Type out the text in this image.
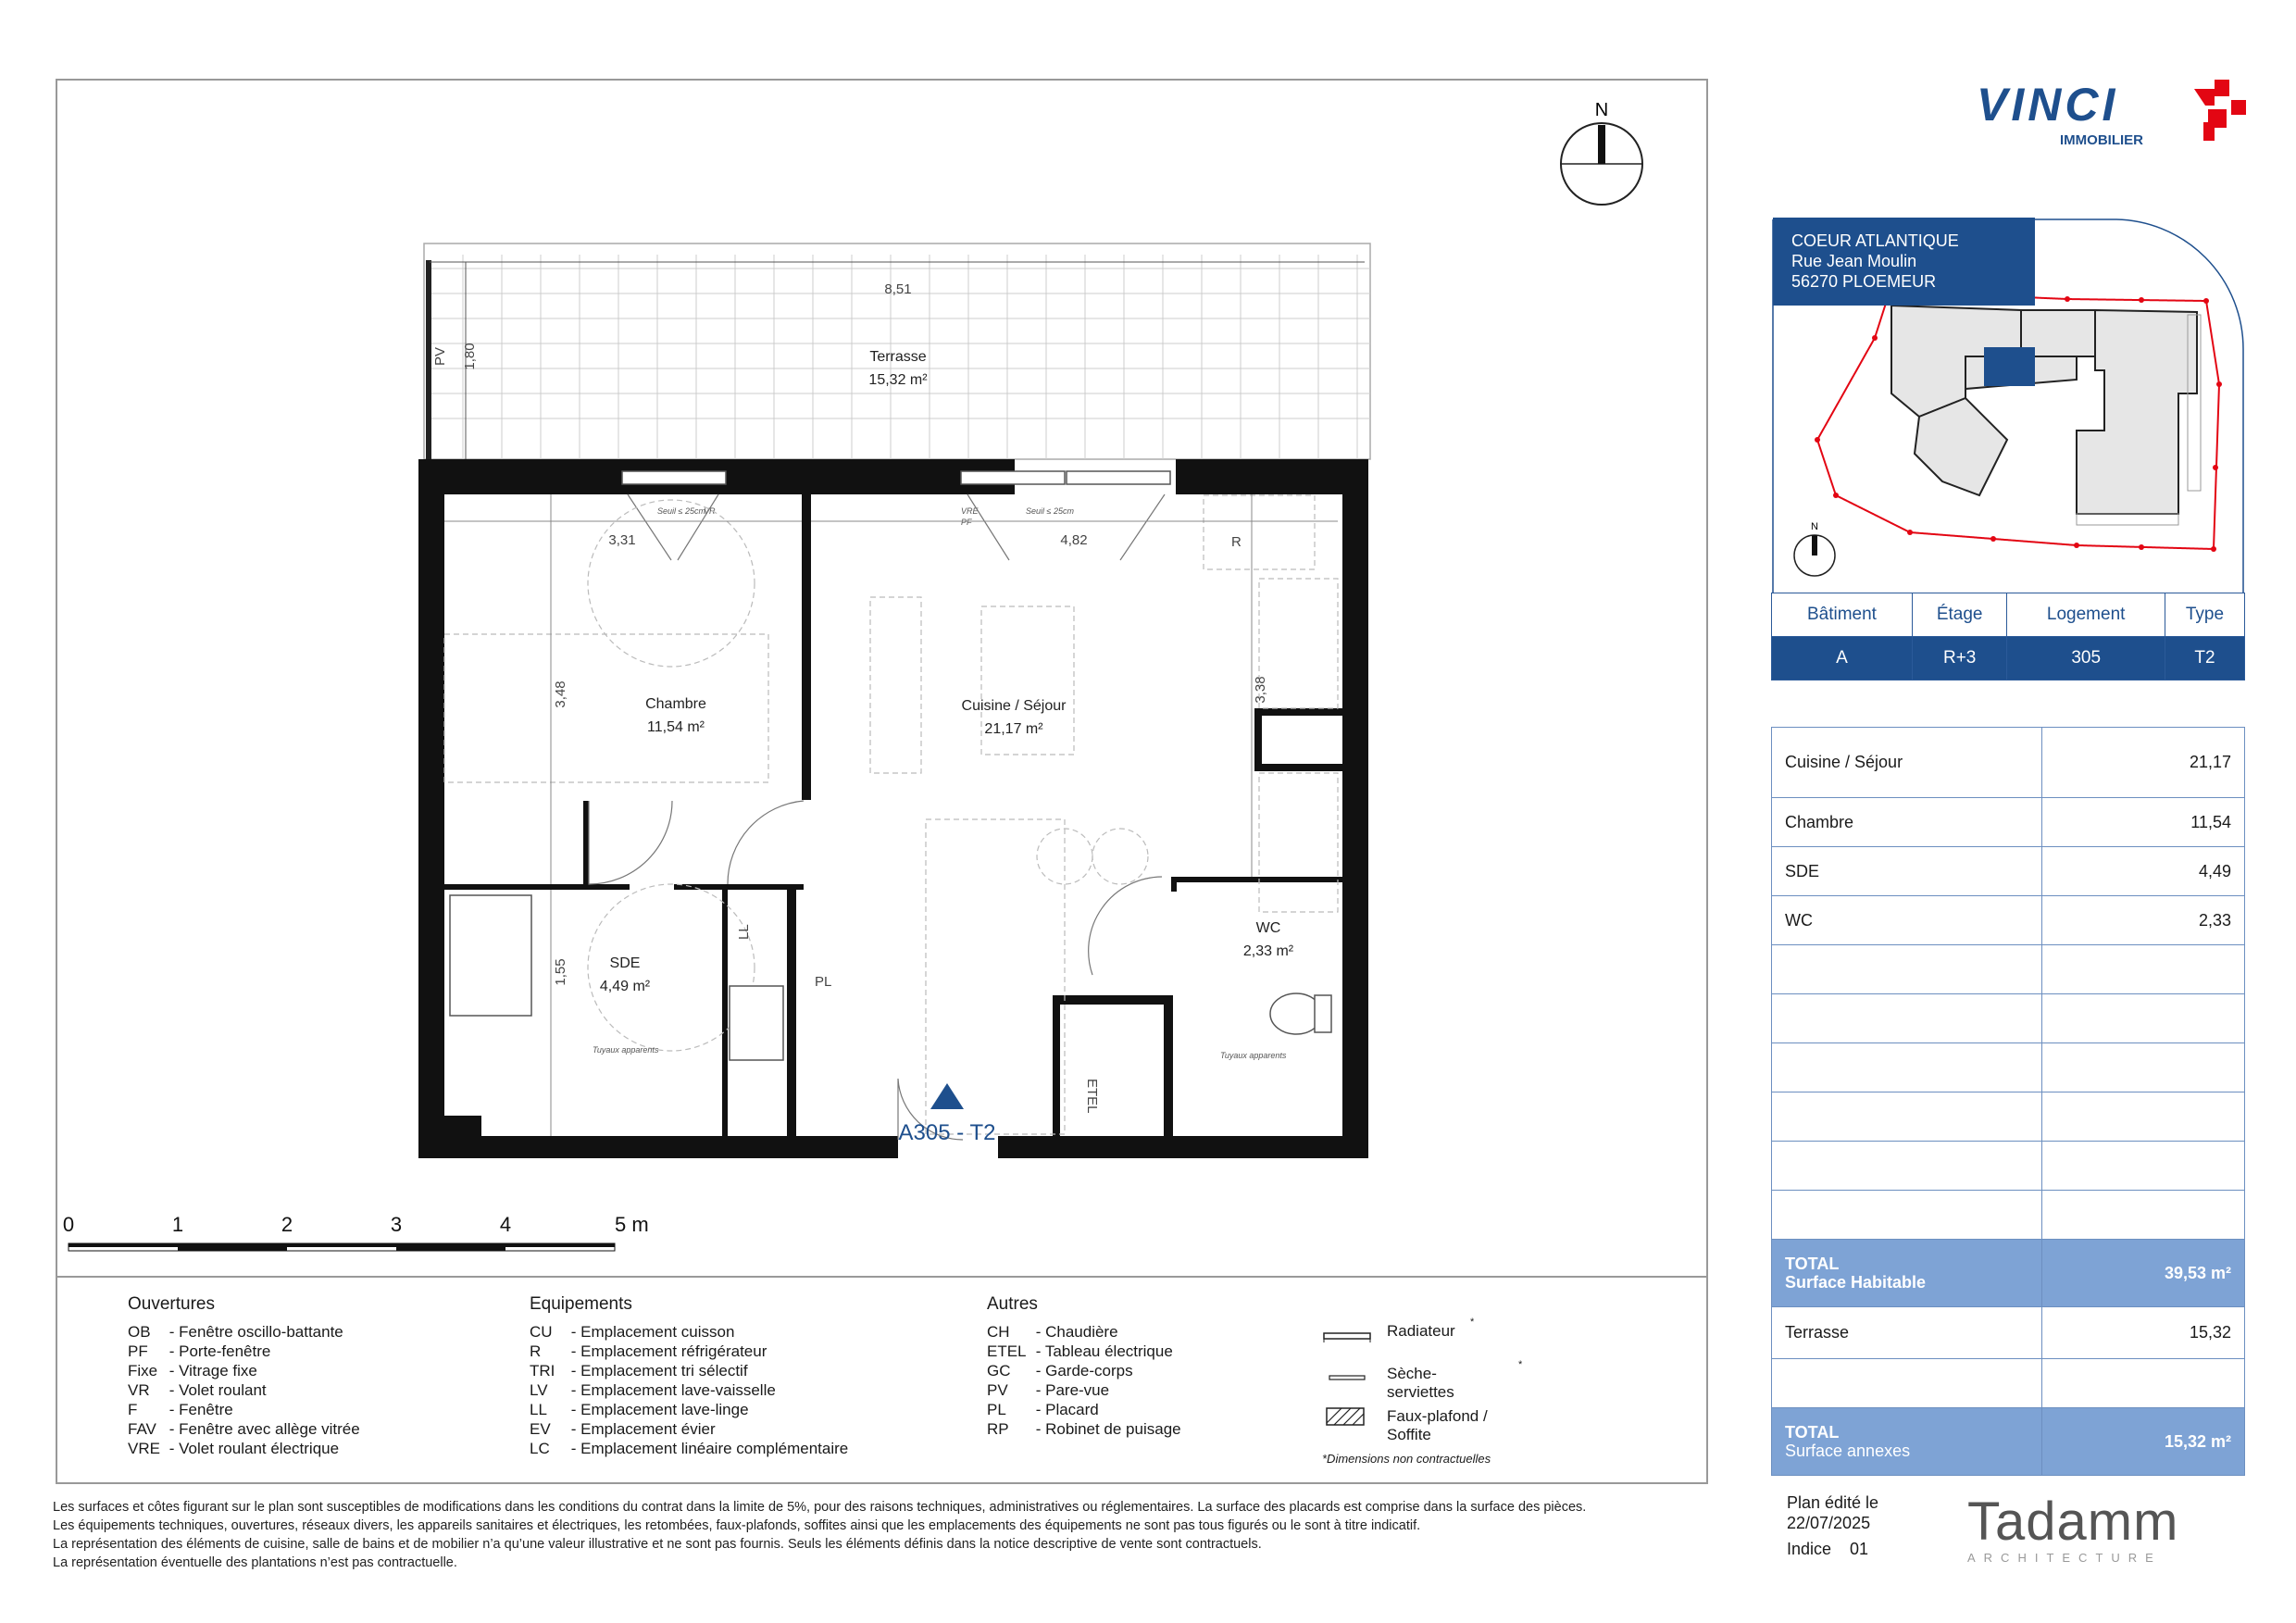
N
8,51
1,80
PV	Terrasse
15,32 m²
Seuil ≤ 25cm	Seuil ≤ 25cm
VR	VRE
PF
R
LL
PL
ETEL
Tuyaux apparents
Tuyaux apparents
3,31	4,82
3,48	3,38
1,55
Chambre
11,54 m²
Cuisine / Séjour
21,17 m²
SDE
4,49 m²
WC
2,33 m²
A305 - T2
0	1	2	3	4	5 m
Ouvertures
OB - Fenêtre oscillo-battante
PF - Porte-fenêtre
Fixe - Vitrage fixe
VR - Volet roulant
F - Fenêtre
FAV - Fenêtre avec allège vitrée
VRE - Volet roulant électrique
Equipements
CU - Emplacement cuisson
R - Emplacement réfrigérateur
TRI - Emplacement tri sélectif
LV - Emplacement lave-vaisselle
LL - Emplacement lave-linge
EV - Emplacement évier
LC - Emplacement linéaire complémentaire
Autres
CH - Chaudière
ETEL - Tableau électrique
GC - Garde-corps
PV - Pare-vue
PL - Placard
RP - Robinet de puisage
Radiateur *
Sèche-serviettes
*
Faux-plafond / Soffite
*Dimensions non contractuelles
VINCI
IMMOBILIER
N
COEUR ATLANTIQUE
Rue Jean Moulin
56270 PLOEMEUR
Bâtiment	Étage	Logement	Type
A	R+3	305	T2
Cuisine / Séjour	21,17
Chambre	11,54
SDE	4,49
WC	2,33

TOTAL
Surface Habitable	39,53 m²
Terrasse	15,32

TOTAL
Surface annexes	15,32 m²
Les surfaces et côtes figurant sur le plan sont susceptibles de modifications dans les conditions du contrat dans la limite de 5%, pour des raisons techniques, administratives ou réglementaires. La surface des placards est comprise dans la surface des pièces.
Les équipements techniques, ouvertures, réseaux divers, les appareils sanitaires et électriques, les retombées, faux-plafonds, soffites ainsi que les emplacements des équipements ne sont pas tous figurés ou le sont à titre indicatif.
La représentation des éléments de cuisine, salle de bains et de mobilier n’a qu’une valeur illustrative et ne sont pas fournis. Seuls les éléments définis dans la notice descriptive de vente sont contractuels.
La représentation éventuelle des plantations n’est pas contractuelle.
Plan édité le
22/07/2025
Indice 01 Tadamm
ARCHITECTURE
